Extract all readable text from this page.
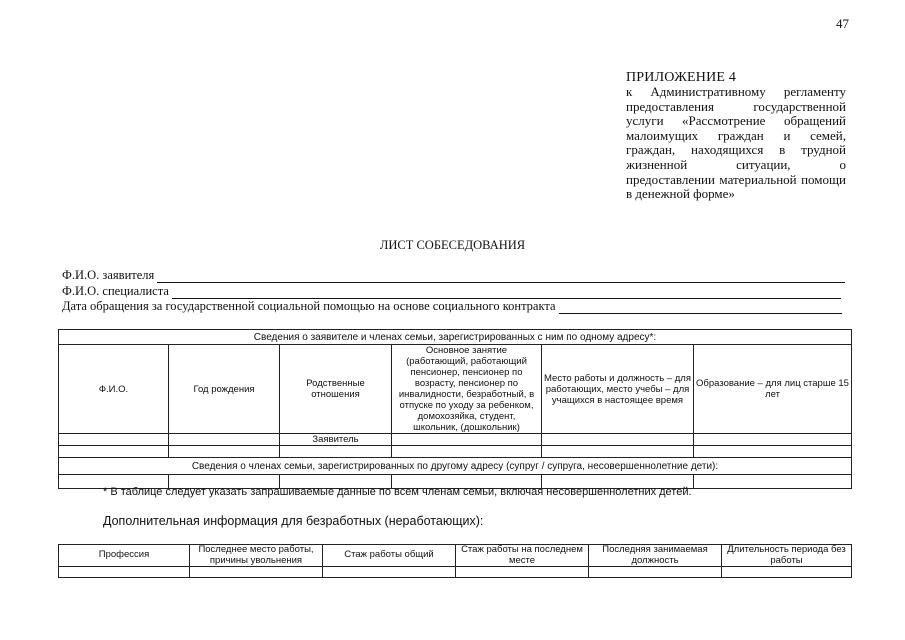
47
ПРИЛОЖЕНИЕ 4
к Административному регламенту предоставления государственной услуги «Рассмотрение обращений малоимущих граждан и семей, граждан, находящихся в трудной жизненной ситуации, о предоставлении материальной помощи в денежной форме»
ЛИСТ СОБЕСЕДОВАНИЯ
Ф.И.О. заявителя
Ф.И.О. специалиста
Дата обращения за государственной социальной помощью на основе социального контракта
Сведения о заявителе и членах семьи, зарегистрированных с ним по одному адресу*:					
Ф.И.О.	Год рождения	Родственные отношения	Основное занятие (работающий, работающий пенсионер, пенсионер по возрасту, пенсионер по инвалидности, безработный, в отпуске по уходу за ребенком, домохозяйка, студент, школьник, (дошкольник)	Место работы и должность – для работающих, место учебы – для учащихся в настоящее время	Образование – для лиц старше 15 лет
		Заявитель			

Сведения о членах семьи, зарегистрированных по другому адресу (супруг / супруга, несовершеннолетние дети):					

* В таблице следует указать запрашиваемые данные по всем членам семьи, включая несовершеннолетних детей.
Дополнительная информация для безработных (неработающих):
Профессия	Последнее место работы, причины увольнения	Стаж работы общий	Стаж работы на последнем месте	Последняя занимаемая должность	Длительность периода без работы
